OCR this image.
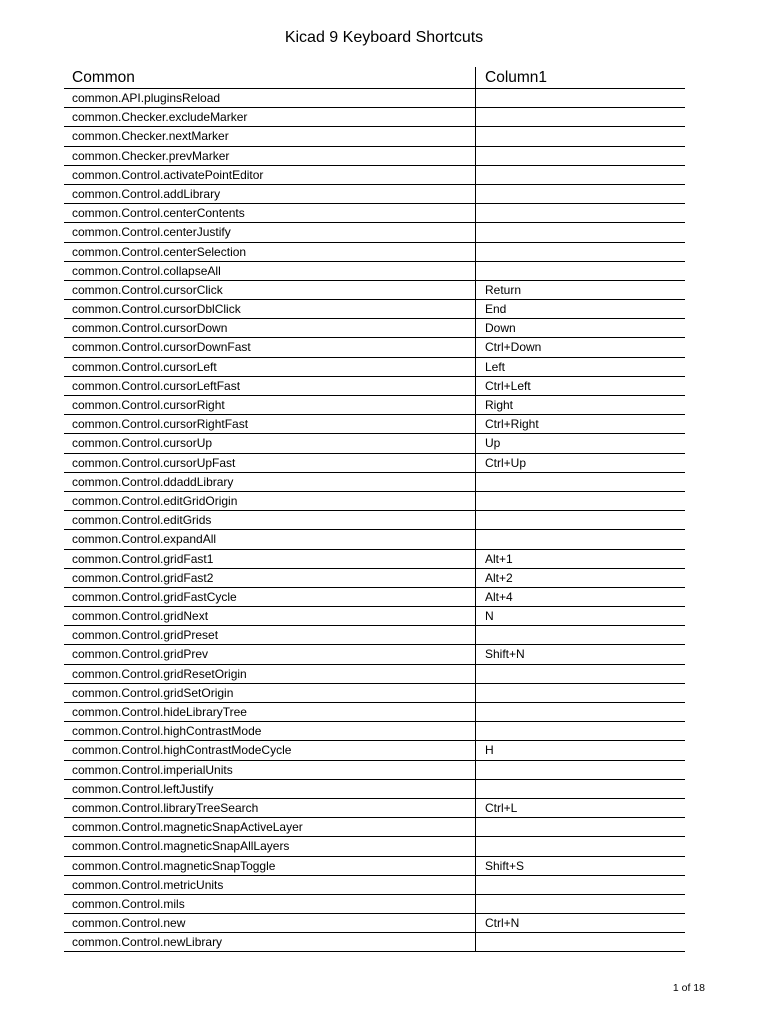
Kicad 9 Keyboard Shortcuts
Common	Column1
common.API.pluginsReload
common.Checker.excludeMarker
common.Checker.nextMarker
common.Checker.prevMarker
common.Control.activatePointEditor
common.Control.addLibrary
common.Control.centerContents
common.Control.centerJustify
common.Control.centerSelection
common.Control.collapseAll
common.Control.cursorClick	Return
common.Control.cursorDblClick	End
common.Control.cursorDown	Down
common.Control.cursorDownFast	Ctrl+Down
common.Control.cursorLeft	Left
common.Control.cursorLeftFast	Ctrl+Left
common.Control.cursorRight	Right
common.Control.cursorRightFast	Ctrl+Right
common.Control.cursorUp	Up
common.Control.cursorUpFast	Ctrl+Up
common.Control.ddaddLibrary
common.Control.editGridOrigin
common.Control.editGrids
common.Control.expandAll
common.Control.gridFast1	Alt+1
common.Control.gridFast2	Alt+2
common.Control.gridFastCycle	Alt+4
common.Control.gridNext	N
common.Control.gridPreset
common.Control.gridPrev	Shift+N
common.Control.gridResetOrigin
common.Control.gridSetOrigin
common.Control.hideLibraryTree
common.Control.highContrastMode
common.Control.highContrastModeCycle	H
common.Control.imperialUnits
common.Control.leftJustify
common.Control.libraryTreeSearch	Ctrl+L
common.Control.magneticSnapActiveLayer
common.Control.magneticSnapAllLayers
common.Control.magneticSnapToggle	Shift+S
common.Control.metricUnits
common.Control.mils
common.Control.new	Ctrl+N
common.Control.newLibrary
1 of 18
